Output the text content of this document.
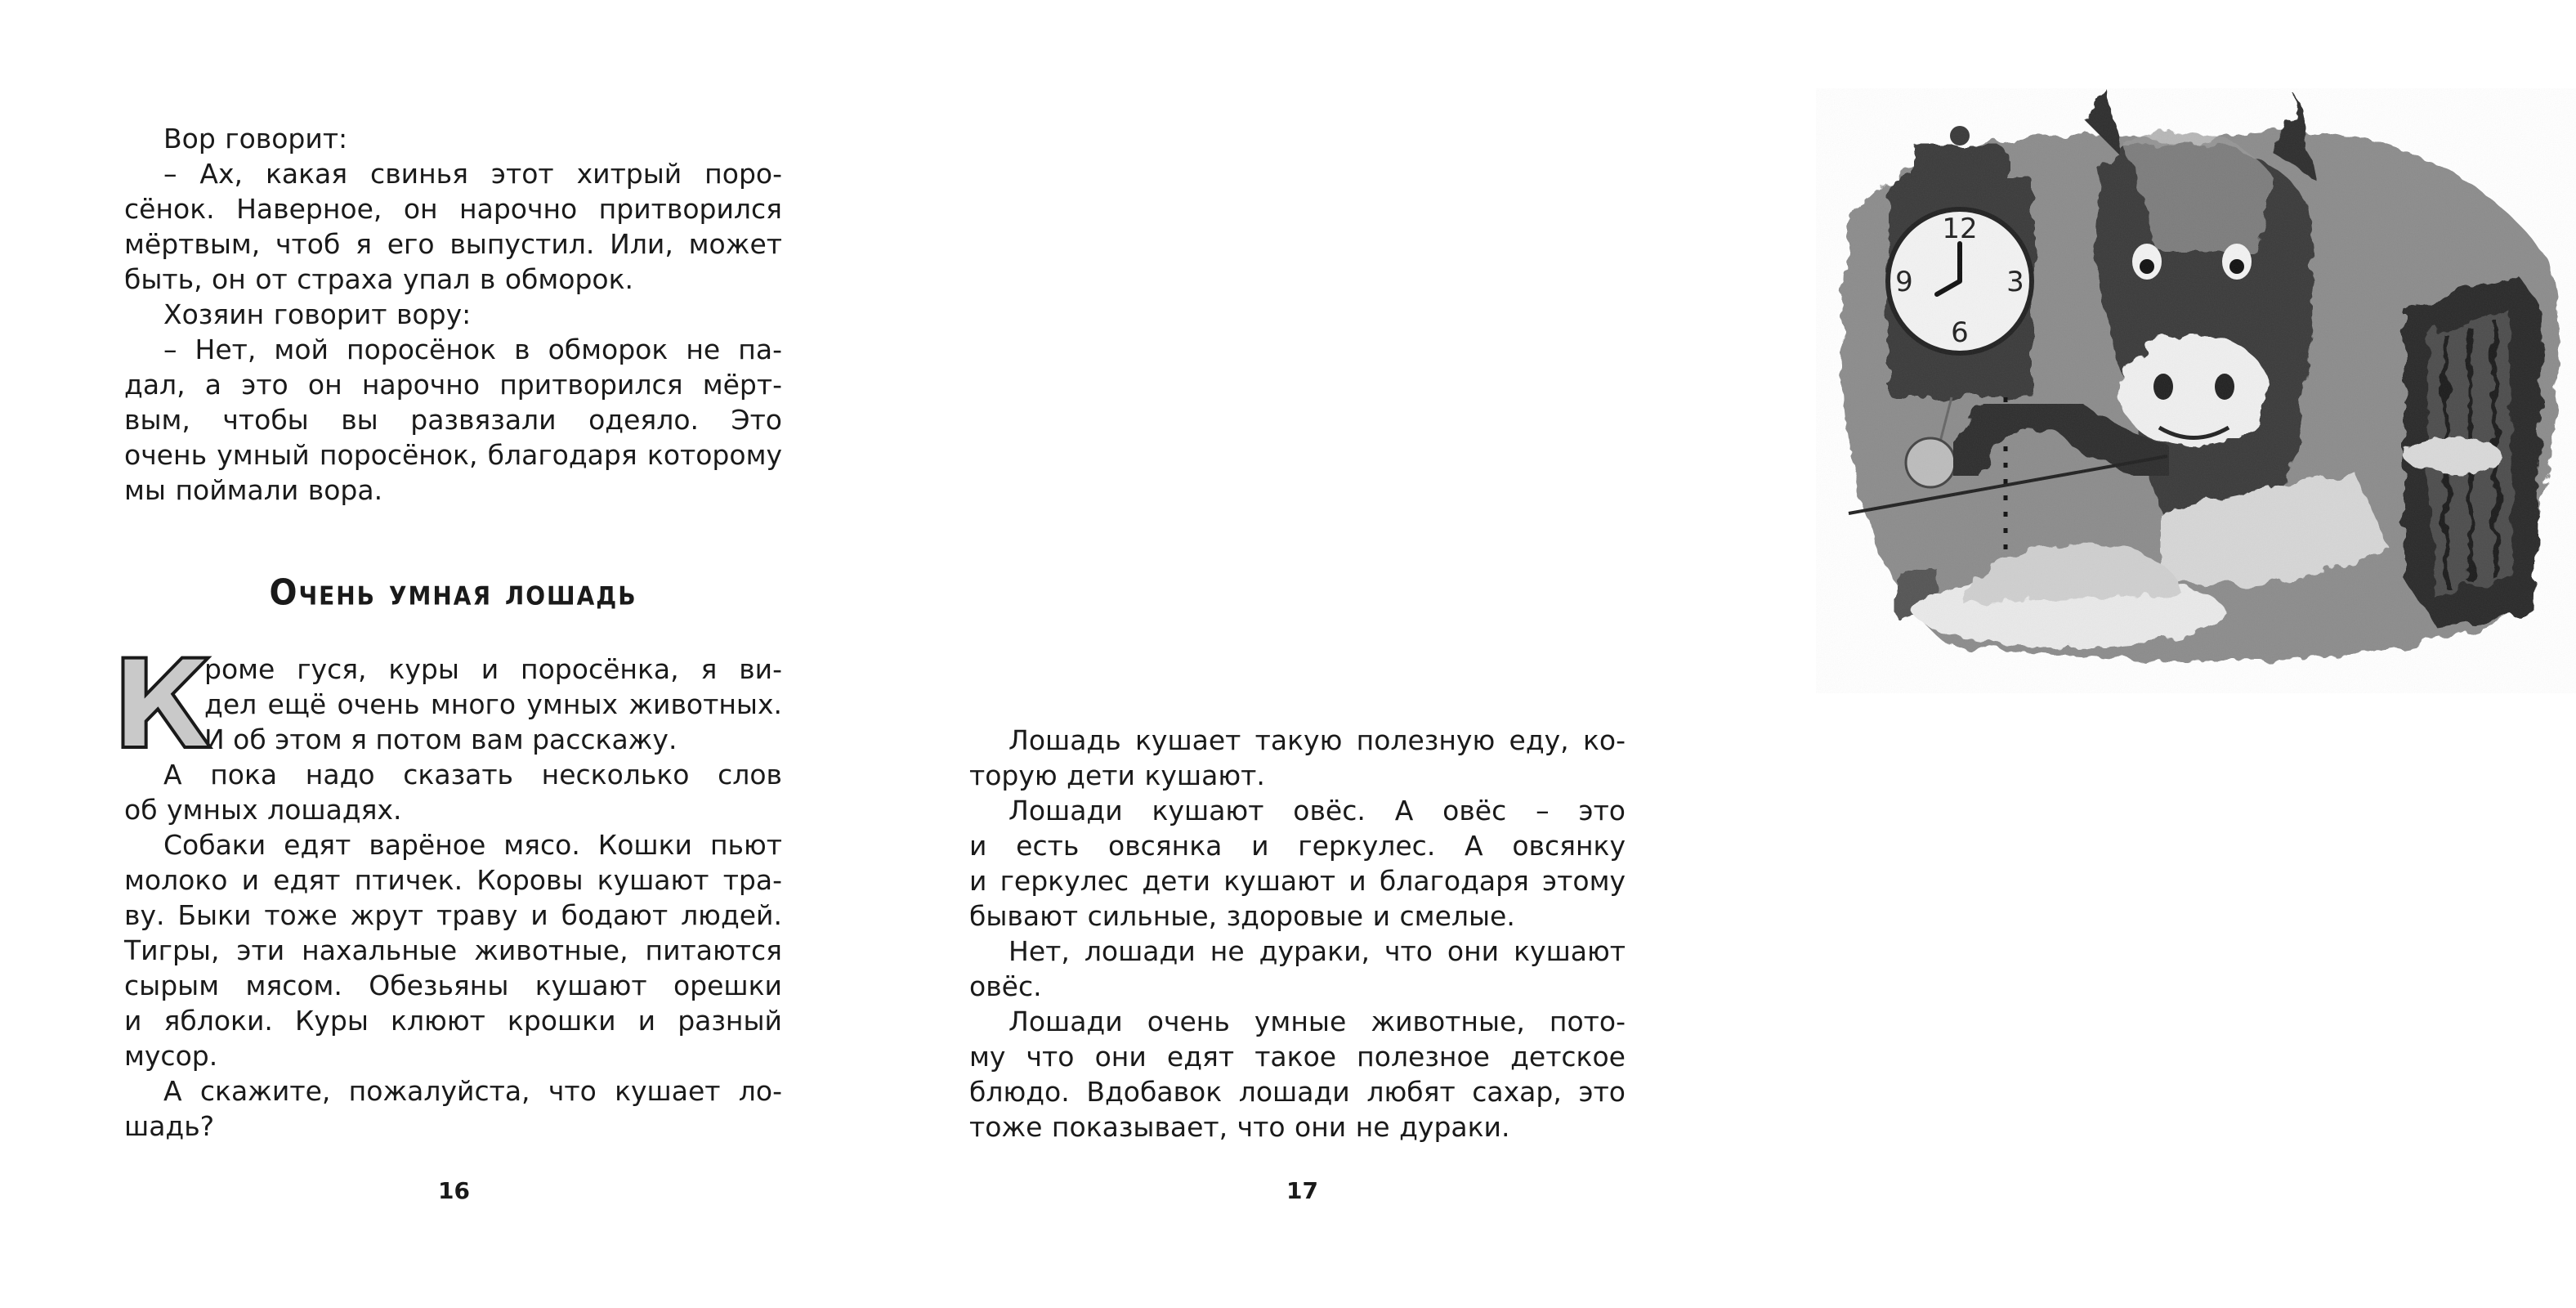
Вор говорит:

– Ах, какая свинья этот хитрый поро-
сёнок. Наверное, он нарочно притворился
мёртвым, чтоб я его выпустил. Или, может
быть, он от страха упал в обморок.

Хозяин говорит вору:

– Нет, мой поросёнок в обморок не па-
дал, а это он нарочно притворился мёрт-
вым, чтобы вы развязали одеяло. Это
очень умный поросёнок, благодаря которому
мы поймали вора.

Очень умная лошадь
К
роме гуся, куры и поросёнка, я ви-
дел ещё очень много умных животных.
И об этом я потом вам расскажу.

А пока надо сказать несколько слов
об умных лошадях.

Собаки едят варёное мясо. Кошки пьют
молоко и едят птичек. Коровы кушают тра-
ву. Быки тоже жрут траву и бодают людей.
Тигры, эти нахальные животные, питаются
сырым мясом. Обезьяны кушают орешки
и яблоки. Куры клюют крошки и разный
мусор.

А скажите, пожалуйста, что кушает ло-
шадь?

16
12
3
6
9

Лошадь кушает такую полезную еду, ко-
торую дети кушают.

Лошади кушают овёс. А овёс – это
и есть овсянка и геркулес. А овсянку
и геркулес дети кушают и благодаря этому
бывают сильные, здоровые и смелые.

Нет, лошади не дураки, что они кушают
овёс.

Лошади очень умные животные, пото-
му что они едят такое полезное детское
блюдо. Вдобавок лошади любят сахар, это
тоже показывает, что они не дураки.

17
